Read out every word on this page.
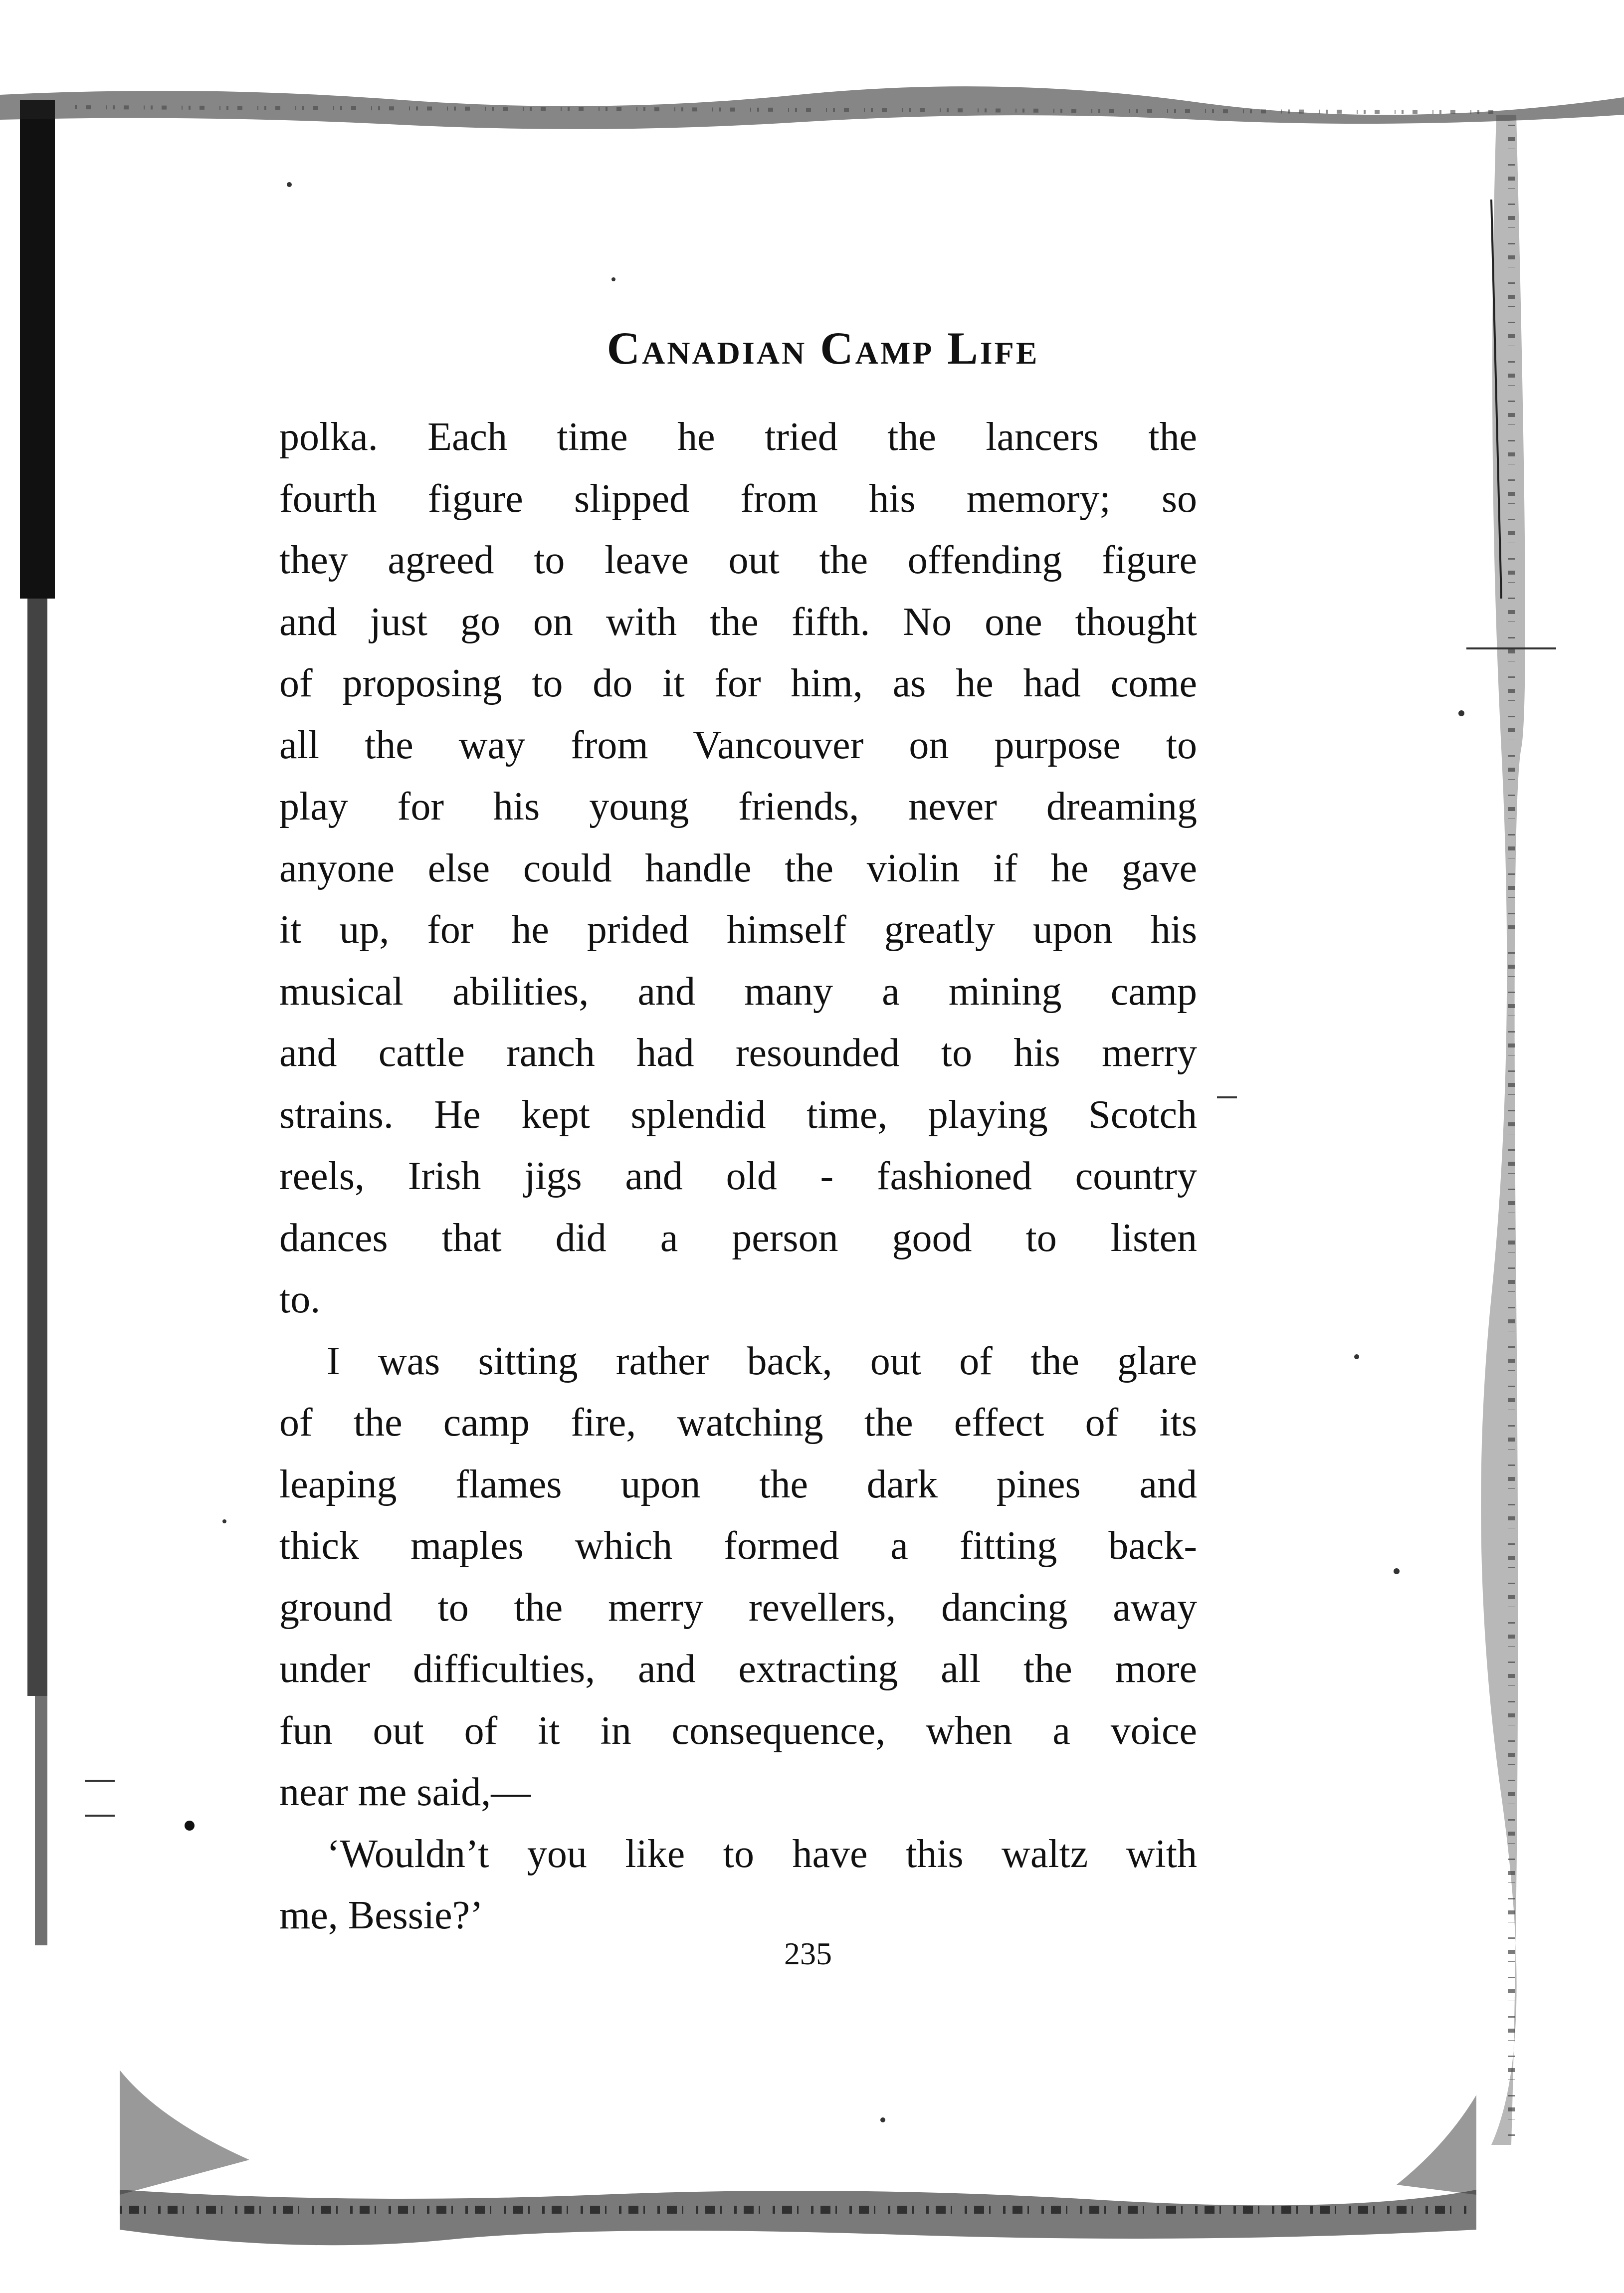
Canadian Camp Life
polka. Each time he tried the lancers the
fourth figure slipped from his memory; so
they agreed to leave out the offending figure
and just go on with the fifth. No one thought
of proposing to do it for him, as he had come
all the way from Vancouver on purpose to
play for his young friends, never dreaming
anyone else could handle the violin if he gave
it up, for he prided himself greatly upon his
musical abilities, and many a mining camp
and cattle ranch had resounded to his merry
strains. He kept splendid time, playing Scotch
reels, Irish jigs and old - fashioned country
dances that did a person good to listen
to.
I was sitting rather back, out of the glare
of the camp fire, watching the effect of its
leaping flames upon the dark pines and
thick maples which formed a fitting back-
ground to the merry revellers, dancing away
under difficulties, and extracting all the more
fun out of it in consequence, when a voice
near me said,—
‘Wouldn’t you like to have this waltz with
me, Bessie?’

235
